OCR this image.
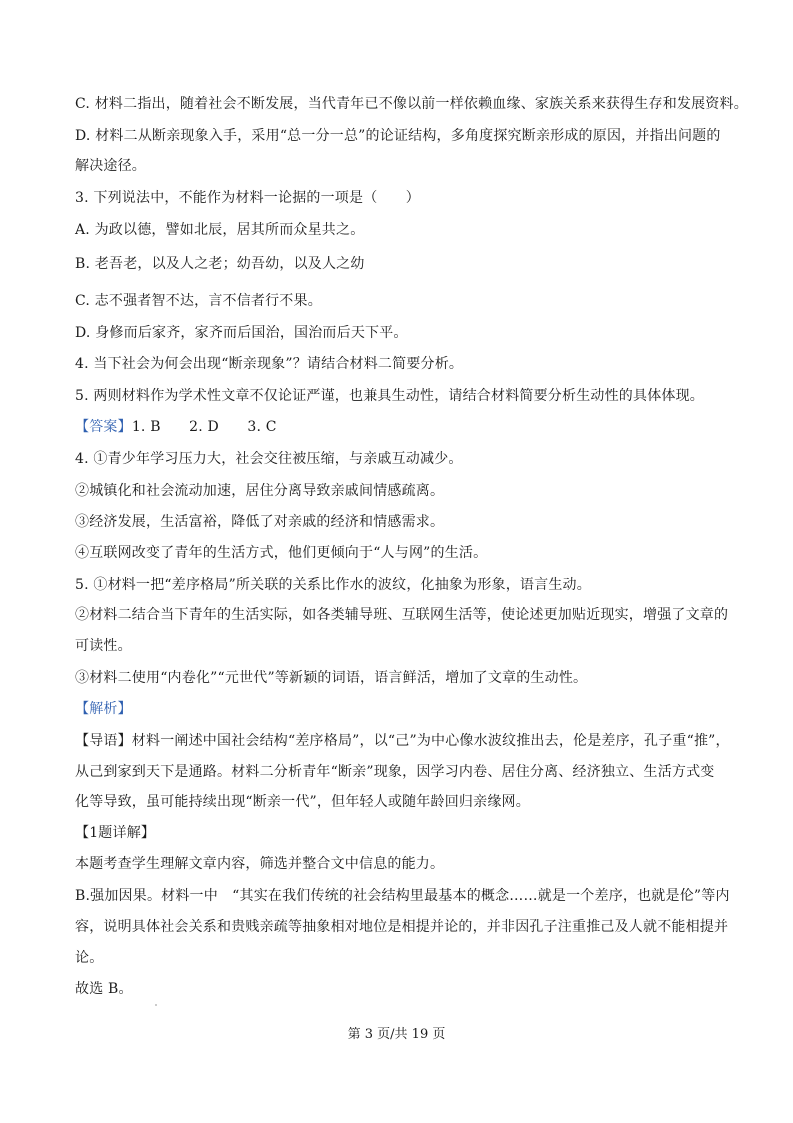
C. 材料二指出，随着社会不断发展，当代青年已不像以前一样依赖血缘、家族关系来获得生存和发展资料。
D. 材料二从断亲现象入手，采用“总一分一总”的论证结构，多角度探究断亲形成的原因，并指出问题的
解决途径。
3. 下列说法中，不能作为材料一论据的一项是（　　）
A. 为政以德，譬如北辰，居其所而众星共之。
B. 老吾老，以及人之老；幼吾幼，以及人之幼
C. 志不强者智不达，言不信者行不果。
D. 身修而后家齐，家齐而后国治，国治而后天下平。
4. 当下社会为何会出现“断亲现象”？请结合材料二简要分析。
5. 两则材料作为学术性文章不仅论证严谨，也兼具生动性，请结合材料简要分析生动性的具体体现。
【答案】1. B　　2. D　　3. C
4. ①青少年学习压力大，社会交往被压缩，与亲戚互动减少。
②城镇化和社会流动加速，居住分离导致亲戚间情感疏离。
③经济发展，生活富裕，降低了对亲戚的经济和情感需求。
④互联网改变了青年的生活方式，他们更倾向于“人与网”的生活。
5. ①材料一把“差序格局”所关联的关系比作水的波纹，化抽象为形象，语言生动。
②材料二结合当下青年的生活实际，如各类辅导班、互联网生活等，使论述更加贴近现实，增强了文章的
可读性。
③材料二使用“内卷化”“元世代”等新颖的词语，语言鲜活，增加了文章的生动性。
【解析】
【导语】材料一阐述中国社会结构“差序格局”，以“己”为中心像水波纹推出去，伦是差序，孔子重“推”，
从己到家到天下是通路。材料二分析青年“断亲”现象，因学习内卷、居住分离、经济独立、生活方式变
化等导致，虽可能持续出现“断亲一代”，但年轻人或随年龄回归亲缘网。
【1题详解】
本题考查学生理解文章内容，筛选并整合文中信息的能力。
B.强加因果。材料一中　“其实在我们传统的社会结构里最基本的概念……就是一个差序，也就是伦”等内
容，说明具体社会关系和贵贱亲疏等抽象相对地位是相提并论的，并非因孔子注重推己及人就不能相提并
论。
故选 B。
第 3 页/共 19 页
